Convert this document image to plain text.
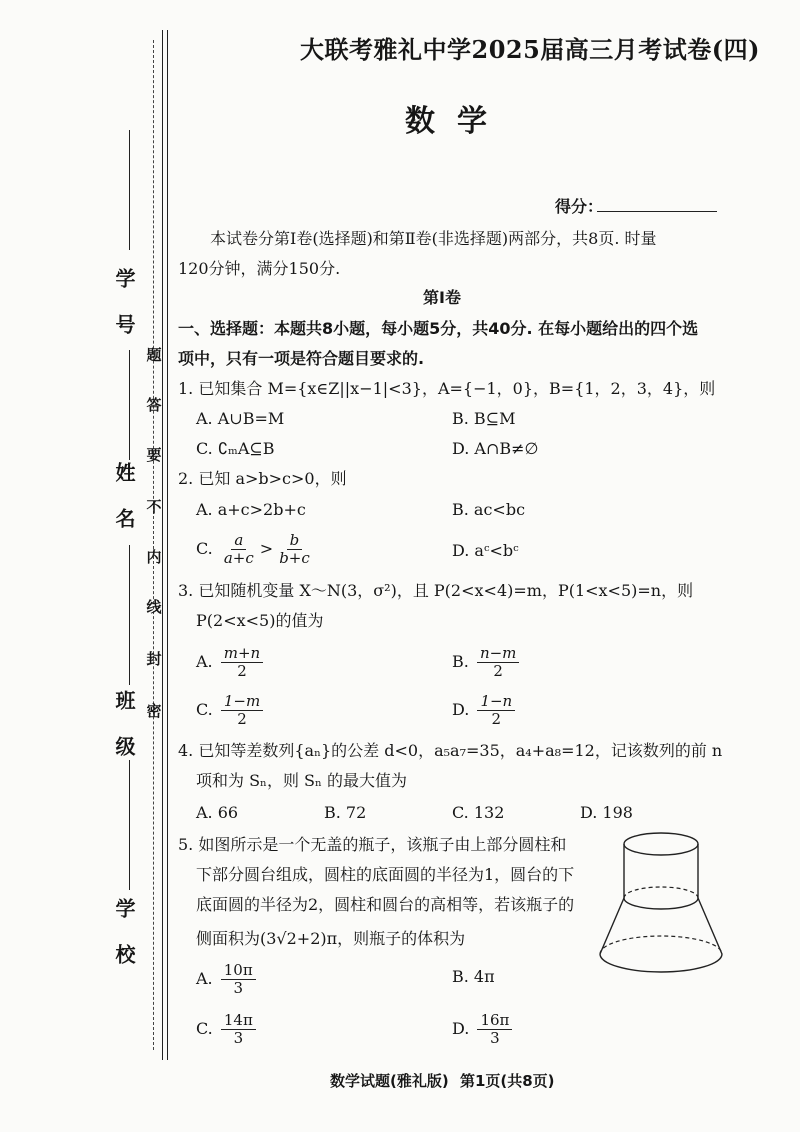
学号
姓名
班级
学校
密
封
线
内
不
要
答
题
大联考雅礼中学2025届高三月考试卷(四)
数学
得分：
本试卷分第Ⅰ卷(选择题)和第Ⅱ卷(非选择题)两部分，共8页. 时量
120分钟，满分150分.
第Ⅰ卷
一、选择题：本题共8小题，每小题5分，共40分. 在每小题给出的四个选
项中，只有一项是符合题目要求的.
1. 已知集合 M={x∈Z||x−1|<3}，A={−1，0}，B={1，2，3，4}，则
A. A∪B=M	B. B⊆M
C. ∁ₘA⊆B	D. A∩B≠∅
2. 已知 a>b>c>0，则
A. a+c>2b+c	B. ac<bc
C. $\frac{a}{a+c} > \frac{b}{b+c}$	D. aᶜ<bᶜ
3. 已知随机变量 X～N(3，σ²)，且 P(2<x<4)=m，P(1<x<5)=n，则
P(2<x<5)的值为
A. $\frac{m+n}{2}$	B. $\frac{n-m}{2}$
C. $\frac{1-m}{2}$	D. $\frac{1-n}{2}$
4. 已知等差数列{aₙ}的公差 d<0，a₅a₇=35，a₄+a₈=12，记该数列的前 n
项和为 Sₙ，则 Sₙ 的最大值为
A. 66	B. 72	C. 132	D. 198
5. 如图所示是一个无盖的瓶子，该瓶子由上部分圆柱和
下部分圆台组成，圆柱的底面圆的半径为1，圆台的下
底面圆的半径为2，圆柱和圆台的高相等，若该瓶子的
侧面积为(3√2+2)π，则瓶子的体积为
A. $\frac{10\pi}{3}$	B. 4π
C. $\frac{14\pi}{3}$	D. $\frac{16\pi}{3}$
数学试题(雅礼版) 第1页(共8页)
